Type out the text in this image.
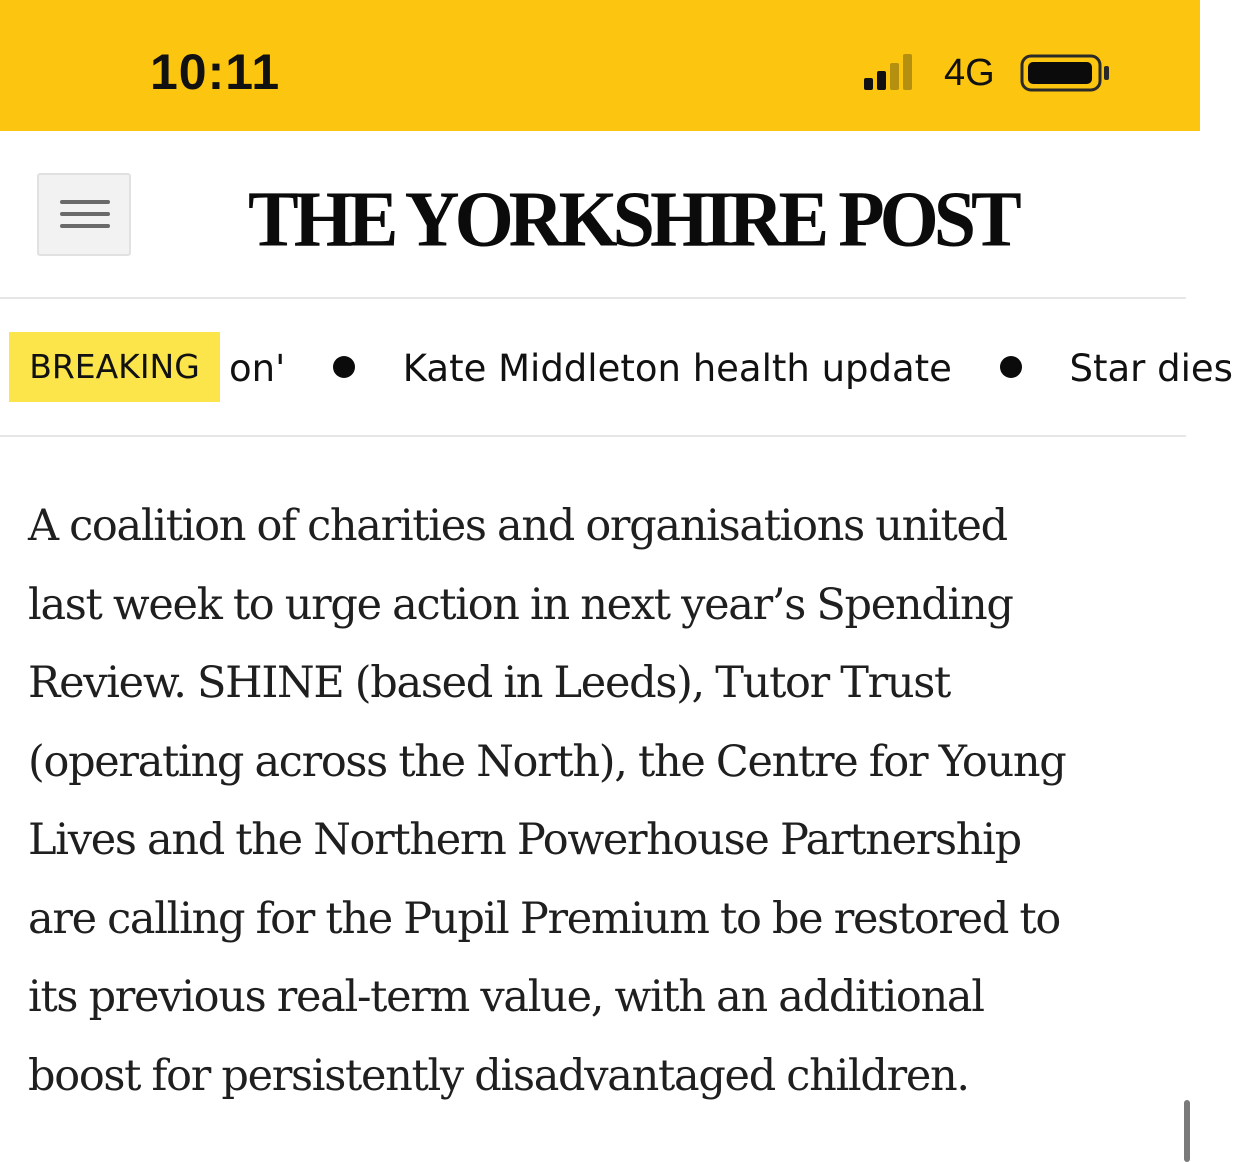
10:11	4G
THE YORKSHIRE POST
on'	Kate Middleton health update	Star dies
BREAKING

A coalition of charities and organisations united
last week to urge action in next year’s Spending
Review. SHINE (based in Leeds), Tutor Trust
(operating across the North), the Centre for Young
Lives and the Northern Powerhouse Partnership
are calling for the Pupil Premium to be restored to
its previous real-term value, with an additional
boost for persistently disadvantaged children.
